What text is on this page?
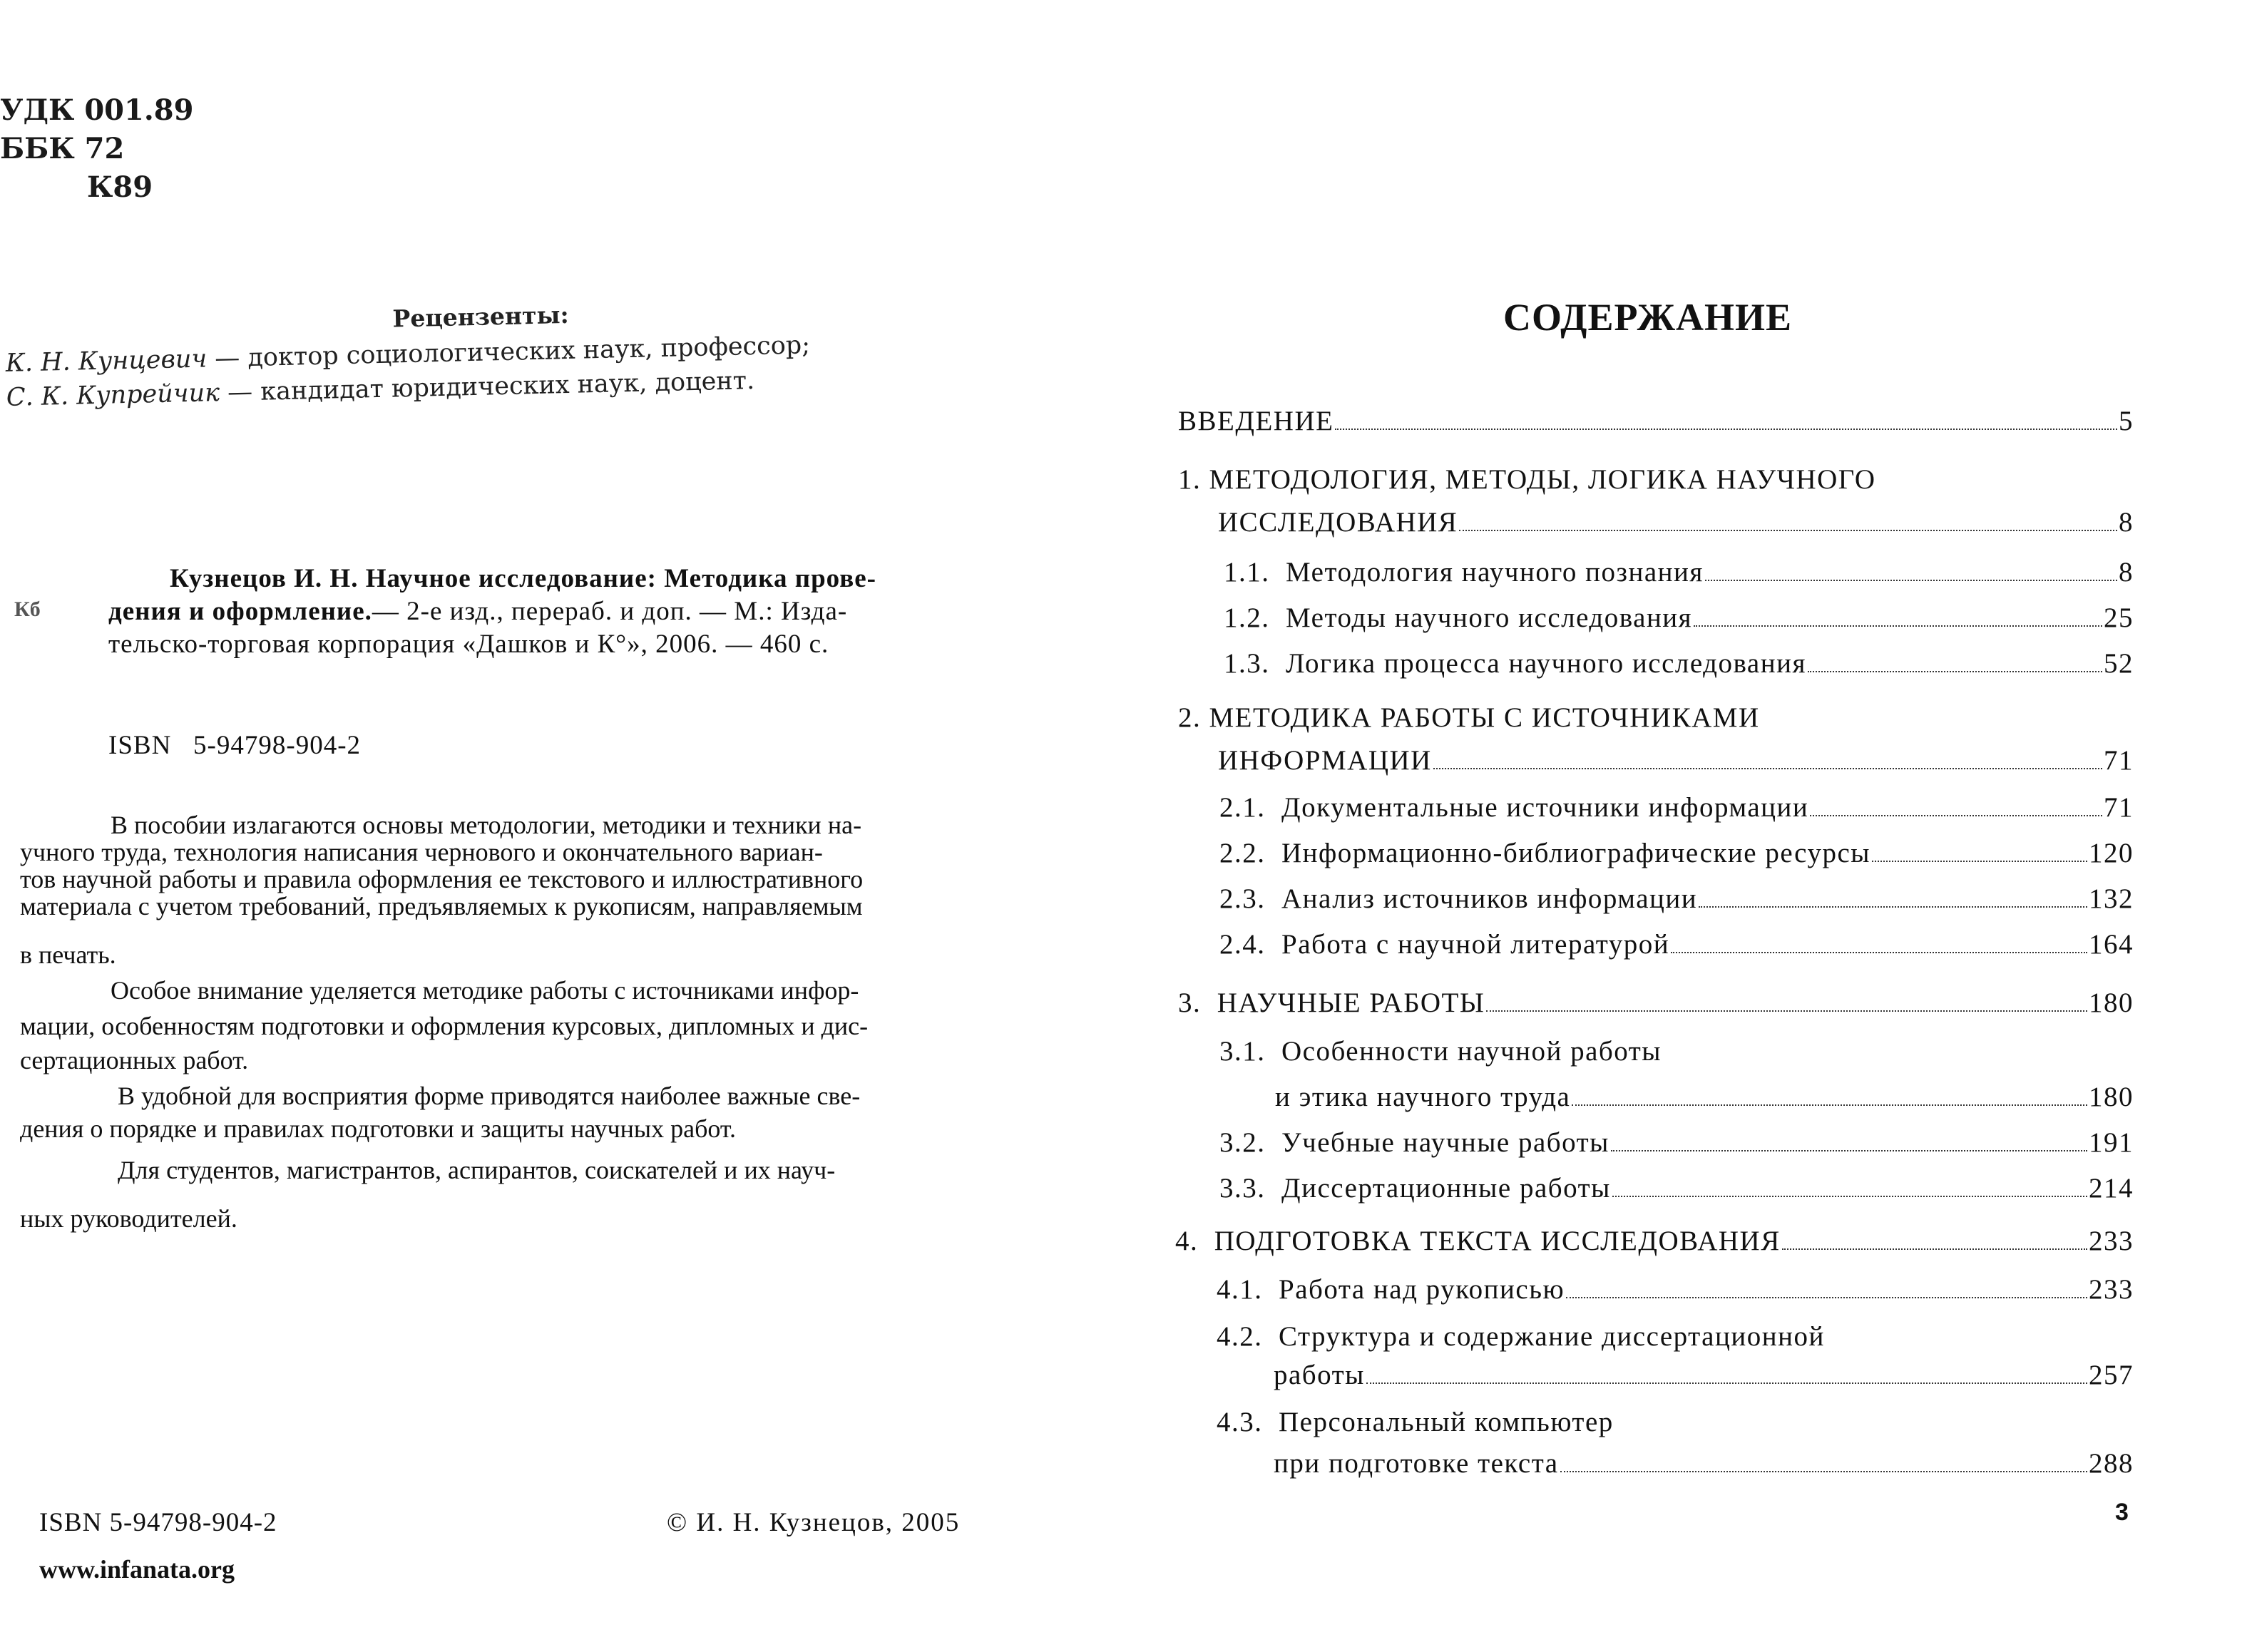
УДК 001.89
ББК 72
К89
Рецензенты:
К. Н. Кунцевич — доктор социологических наук, профессор;
С. К. Купрейчик — кандидат юридических наук, доцент.
Кб
Кузнецов И. Н. Научное исследование: Методика прове-
дения и оформление.— 2-е изд., перераб. и доп. — М.: Изда-
тельско-торговая корпорация «Дашков и К°», 2006. — 460 с.
ISBN   5-94798-904-2
В пособии излагаются основы методологии, методики и техники на-
учного труда, технология написания чернового и окончательного вариан-
тов научной работы и правила оформления ее текстового и иллюстративного
материала с учетом требований, предъявляемых к рукописям, направляемым
в печать.
Особое внимание уделяется методике работы с источниками инфор-
мации, особенностям подготовки и оформления курсовых, дипломных и дис-
сертационных работ.
В удобной для восприятия форме приводятся наиболее важные све-
дения о порядке и правилах подготовки и защиты научных работ.
Для студентов, магистрантов, аспирантов, соискателей и их науч-
ных руководителей.
ISBN 5-94798-904-2	© И. Н. Кузнецов, 2005
www.infanata.org
СОДЕРЖАНИЕ
ВВЕДЕНИЕ	5
1. МЕТОДОЛОГИЯ, МЕТОДЫ, ЛОГИКА НАУЧНОГО
ИССЛЕДОВАНИЯ	8
1.1.  Методология научного познания	8
1.2.  Методы научного исследования	25
1.3.  Логика процесса научного исследования	52
2. МЕТОДИКА РАБОТЫ С ИСТОЧНИКАМИ
ИНФОРМАЦИИ	71
2.1.  Документальные источники информации	71
2.2.  Информационно-библиографические ресурсы	120
2.3.  Анализ источников информации	132
2.4.  Работа с научной литературой	164
3.  НАУЧНЫЕ РАБОТЫ	180
3.1.  Особенности научной работы
и этика научного труда	180
3.2.  Учебные научные работы	191
3.3.  Диссертационные работы	214
4.  ПОДГОТОВКА ТЕКСТА ИССЛЕДОВАНИЯ	233
4.1.  Работа над рукописью	233
4.2.  Структура и содержание диссертационной
работы	257
4.3.  Персональный компьютер
при подготовке текста	288
3
